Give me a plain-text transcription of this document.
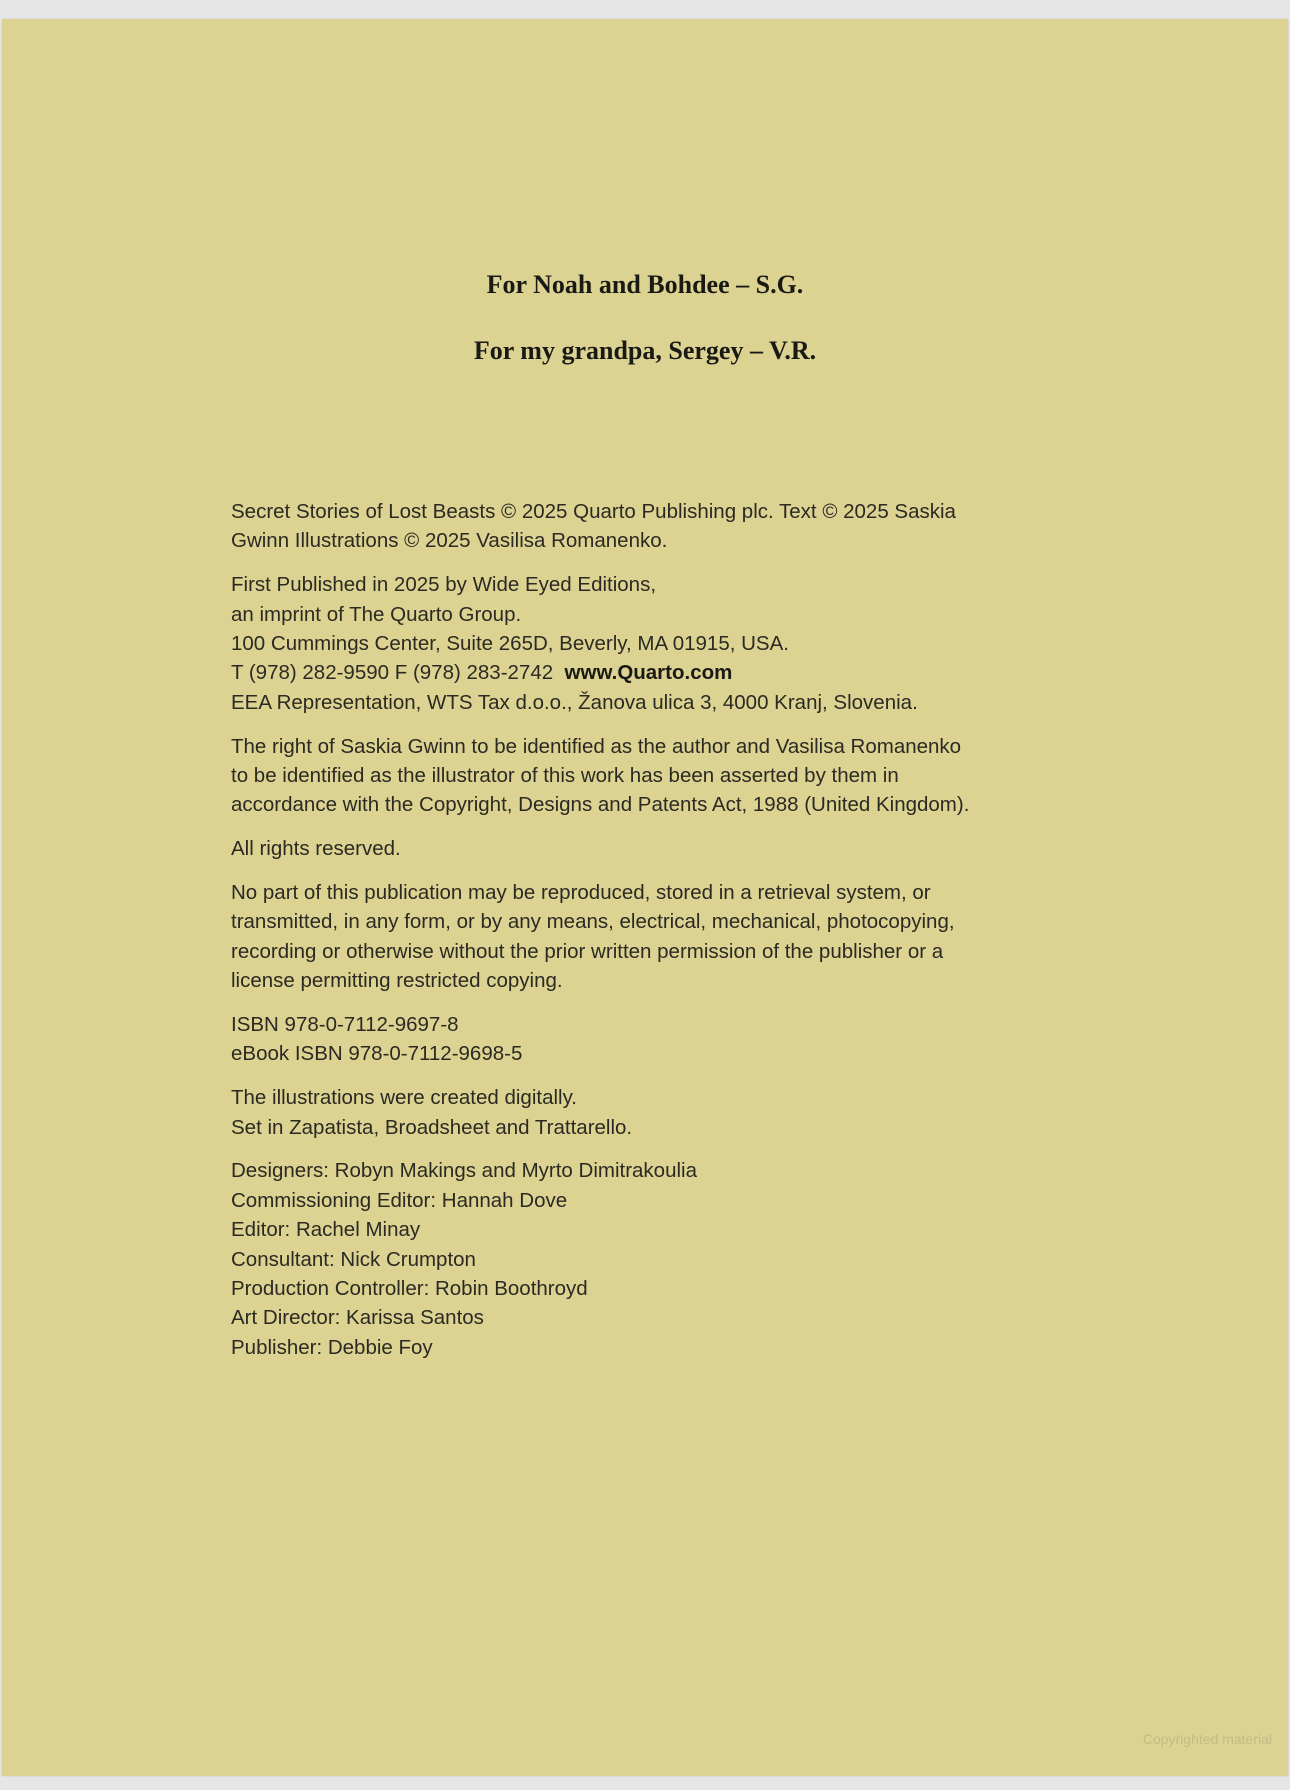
For Noah and Bohdee – S.G.
For my grandpa, Sergey – V.R.
Secret Stories of Lost Beasts © 2025 Quarto Publishing plc. Text © 2025 Saskia
Gwinn Illustrations © 2025 Vasilisa Romanenko.
First Published in 2025 by Wide Eyed Editions,
an imprint of The Quarto Group.
100 Cummings Center, Suite 265D, Beverly, MA 01915, USA.
T (978) 282-9590 F (978) 283-2742 www.Quarto.com
EEA Representation, WTS Tax d.o.o., Žanova ulica 3, 4000 Kranj, Slovenia.
The right of Saskia Gwinn to be identified as the author and Vasilisa Romanenko
to be identified as the illustrator of this work has been asserted by them in
accordance with the Copyright, Designs and Patents Act, 1988 (United Kingdom).
All rights reserved.
No part of this publication may be reproduced, stored in a retrieval system, or
transmitted, in any form, or by any means, electrical, mechanical, photocopying,
recording or otherwise without the prior written permission of the publisher or a
license permitting restricted copying.
ISBN 978-0-7112-9697-8
eBook ISBN 978-0-7112-9698-5
The illustrations were created digitally.
Set in Zapatista, Broadsheet and Trattarello.
Designers: Robyn Makings and Myrto Dimitrakoulia
Commissioning Editor: Hannah Dove
Editor: Rachel Minay
Consultant: Nick Crumpton
Production Controller: Robin Boothroyd
Art Director: Karissa Santos
Publisher: Debbie Foy
Copyrighted material
